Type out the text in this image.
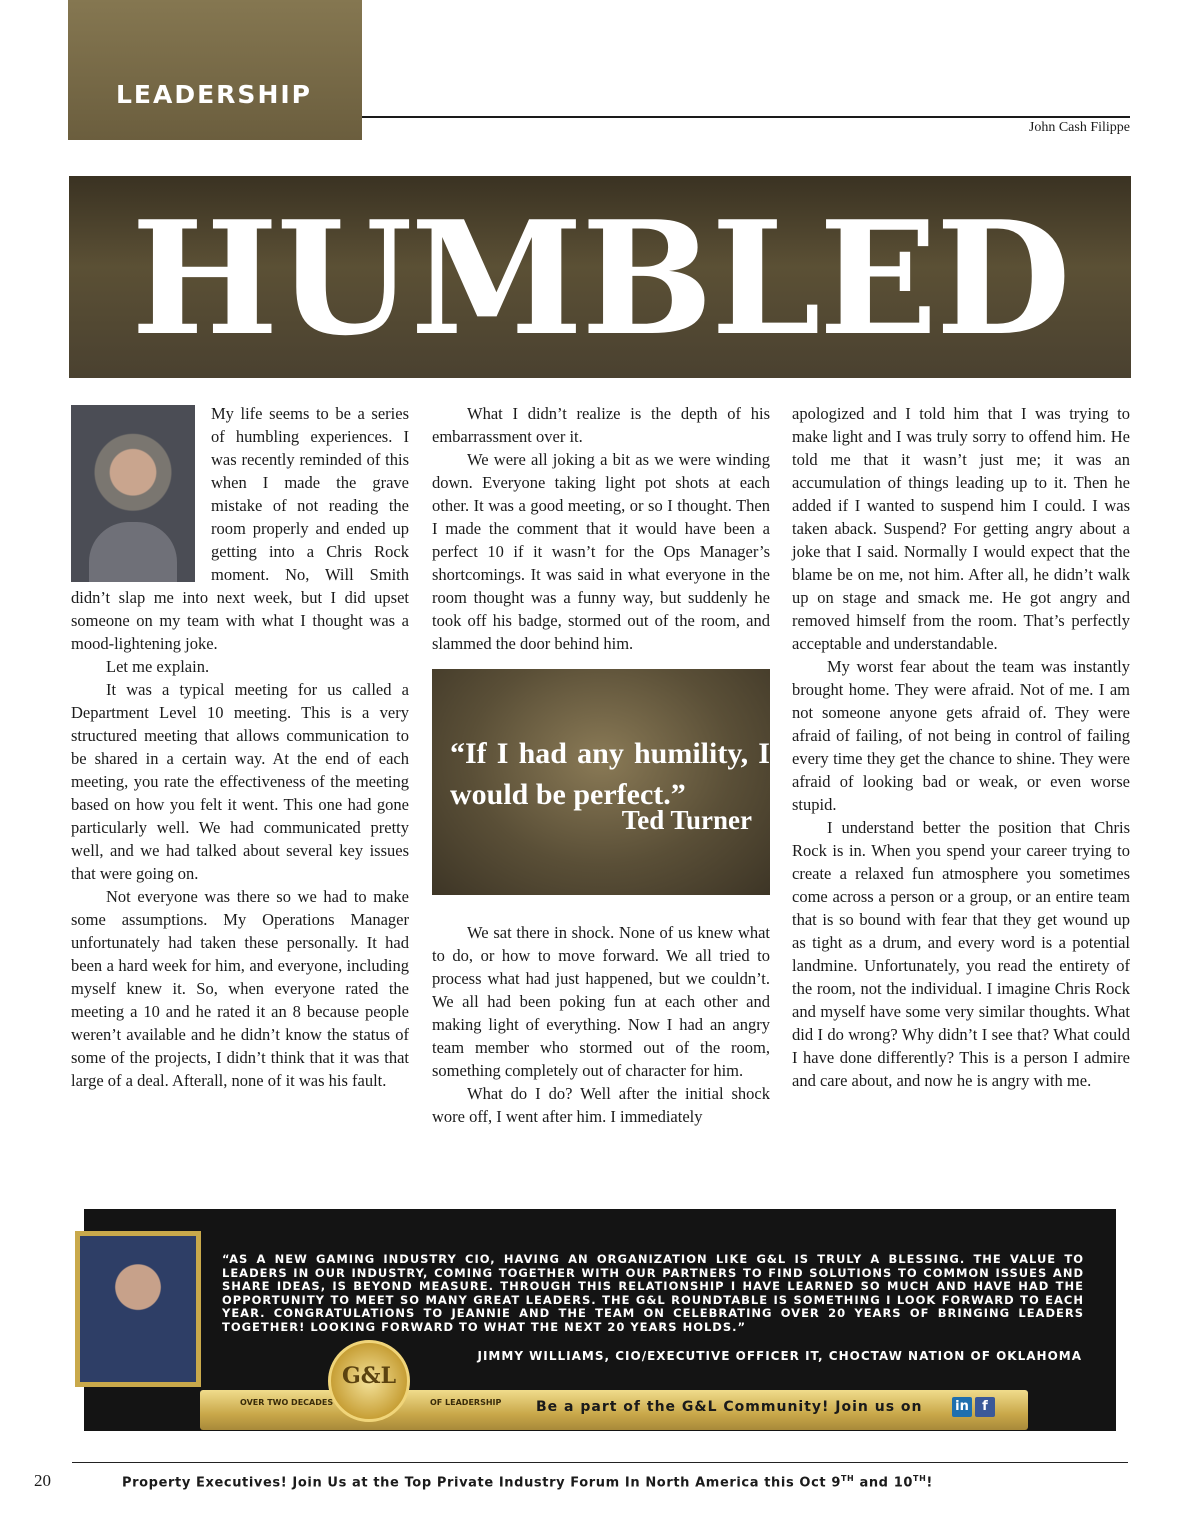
LEADERSHIP
John Cash Filippe
HUMBLED

My life seems to be a series of humbling experiences. I was recently reminded of this when I made the grave mistake of not reading the room properly and ended up getting into a Chris Rock moment. No, Will Smith didn’t slap me into next week, but I did upset someone on my team with what I thought was a mood-lightening joke.

Let me explain.

It was a typical meeting for us called a Department Level 10 meeting. This is a very structured meeting that allows communication to be shared in a certain way. At the end of each meeting, you rate the effectiveness of the meeting based on how you felt it went. This one had gone particularly well. We had communicated pretty well, and we had talked about several key issues that were going on.

Not everyone was there so we had to make some assumptions. My Operations Manager unfortunately had taken these personally. It had been a hard week for him, and everyone, including myself knew it. So, when everyone rated the meeting a 10 and he rated it an 8 because people weren’t available and he didn’t know the status of some of the projects, I didn’t think that it was that large of a deal. Afterall, none of it was his fault.

What I didn’t realize is the depth of his embarrassment over it.

We were all joking a bit as we were winding down. Everyone taking light pot shots at each other. It was a good meeting, or so I thought. Then I made the comment that it would have been a perfect 10 if it wasn’t for the Ops Manager’s shortcomings. It was said in what everyone in the room thought was a funny way, but suddenly he took off his badge, stormed out of the room, and slammed the door behind him.

“If I had any humility, I would be perfect.”
Ted Turner

We sat there in shock. None of us knew what to do, or how to move forward. We all tried to process what had just happened, but we couldn’t. We all had been poking fun at each other and making light of everything. Now I had an angry team member who stormed out of the room, something completely out of character for him.

What do I do? Well after the initial shock wore off, I went after him. I immediately

apologized and I told him that I was trying to make light and I was truly sorry to offend him. He told me that it wasn’t just me; it was an accumulation of things leading up to it. Then he added if I wanted to suspend him I could. I was taken aback. Suspend? For getting angry about a joke that I said. Normally I would expect that the blame be on me, not him. After all, he didn’t walk up on stage and smack me. He got angry and removed himself from the room. That’s perfectly acceptable and understandable.

My worst fear about the team was instantly brought home. They were afraid. Not of me. I am not someone anyone gets afraid of. They were afraid of failing, of not being in control of failing every time they get the chance to shine. They were afraid of looking bad or weak, or even worse stupid.

I understand better the position that Chris Rock is in. When you spend your career trying to create a relaxed fun atmosphere you sometimes come across a person or a group, or an entire team that is so bound with fear that they get wound up as tight as a drum, and every word is a potential landmine. Unfortunately, you read the entirety of the room, not the individual. I imagine Chris Rock and myself have some very similar thoughts. What did I do wrong? Why didn’t I see that? What could I have done differently? This is a person I admire and care about, and now he is angry with me.

“AS A NEW GAMING INDUSTRY CIO, HAVING AN ORGANIZATION LIKE G&L IS TRULY A BLESSING. THE VALUE TO LEADERS IN OUR INDUSTRY, COMING TOGETHER WITH OUR PARTNERS TO FIND SOLUTIONS TO COMMON ISSUES AND SHARE IDEAS, IS BEYOND MEASURE. THROUGH THIS RELATIONSHIP I HAVE LEARNED SO MUCH AND HAVE HAD THE OPPORTUNITY TO MEET SO MANY GREAT LEADERS. THE G&L ROUNDTABLE IS SOMETHING I LOOK FORWARD TO EACH YEAR. CONGRATULATIONS TO JEANNIE AND THE TEAM ON CELEBRATING OVER 20 YEARS OF BRINGING LEADERS TOGETHER! LOOKING FORWARD TO WHAT THE NEXT 20 YEARS HOLDS.”
JIMMY WILLIAMS, CIO/EXECUTIVE OFFICER IT, CHOCTAW NATION OF OKLAHOMA
OVER TWO DECADES	OF LEADERSHIP
G&L
Be a part of the G&L Community! Join us on	in	f
20	Property Executives! Join Us at the Top Private Industry Forum In North America this Oct 9TH and 10TH!
